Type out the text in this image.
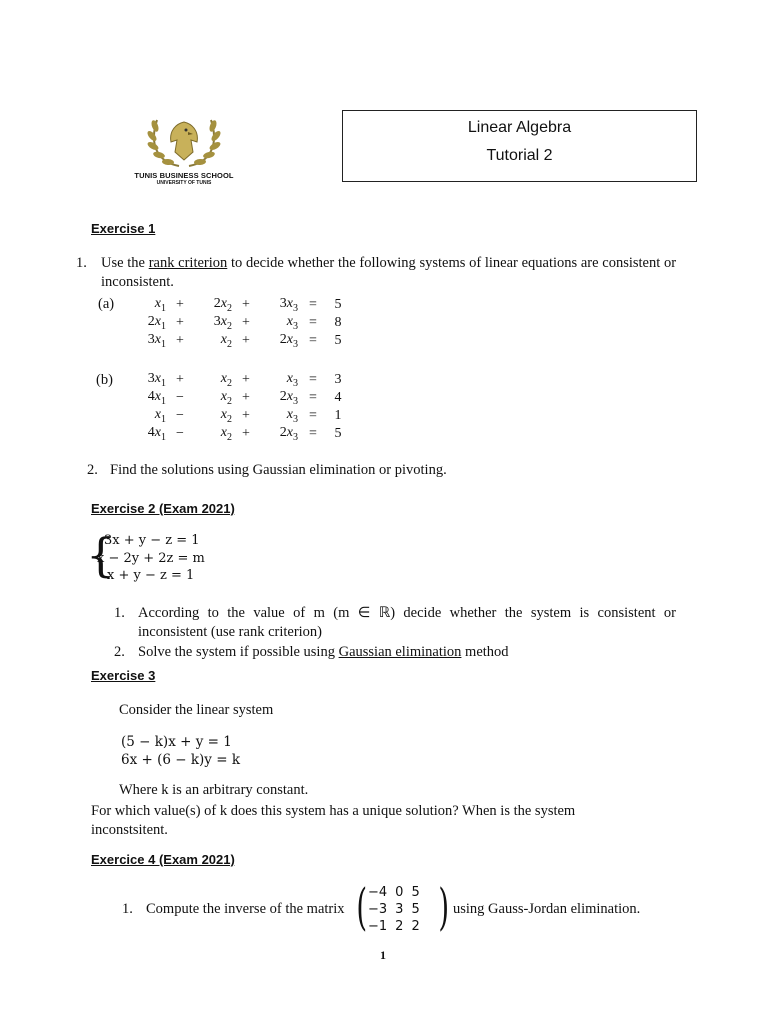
TUNIS BUSINESS SCHOOL
UNIVERSITY OF TUNIS
Linear Algebra
Tutorial 2
Exercise 1
1. Use the rank criterion to decide whether the following systems of linear equations are consistent or inconsistent.
(a)	$x_1$	+	$2x_2$	+	$3x_3$	=	5
$2x_1$	+	$3x_2$	+	$x_3$	=	8
$3x_1$	+	$x_2$	+	$2x_3$	=	5
(b) $3x_1$	+	$x_2$	+	$x_3$	=	3
$4x_1$	−	$x_2$	+	$2x_3$	=	4
$x_1$	−	$x_2$	+	$x_3$	=	1
$4x_1$	−	$x_2$	+	$2x_3$	=	5
2. Find the solutions using Gaussian elimination or pivoting.
Exercise 2 (Exam 2021)
{
3x + y − z = 1
x − 2y + 2z = m
x + y − z = 1
1. According to the value of m (m ∈ ℝ) decide whether the system is consistent or inconsistent (use rank criterion)
2. Solve the system if possible using Gaussian elimination method
Exercise 3
Consider the linear system
(5 − k)x + y = 1
6x + (6 − k)y = k
Where k is an arbitrary constant.
For which value(s) of k does this system has a unique solution? When is the system inconstsitent.
Exercice 4 (Exam 2021)
1. Compute the inverse of the matrix ( −4	0	5
−3	3	5
−1	2	2 ) using Gauss-Jordan elimination.
1
